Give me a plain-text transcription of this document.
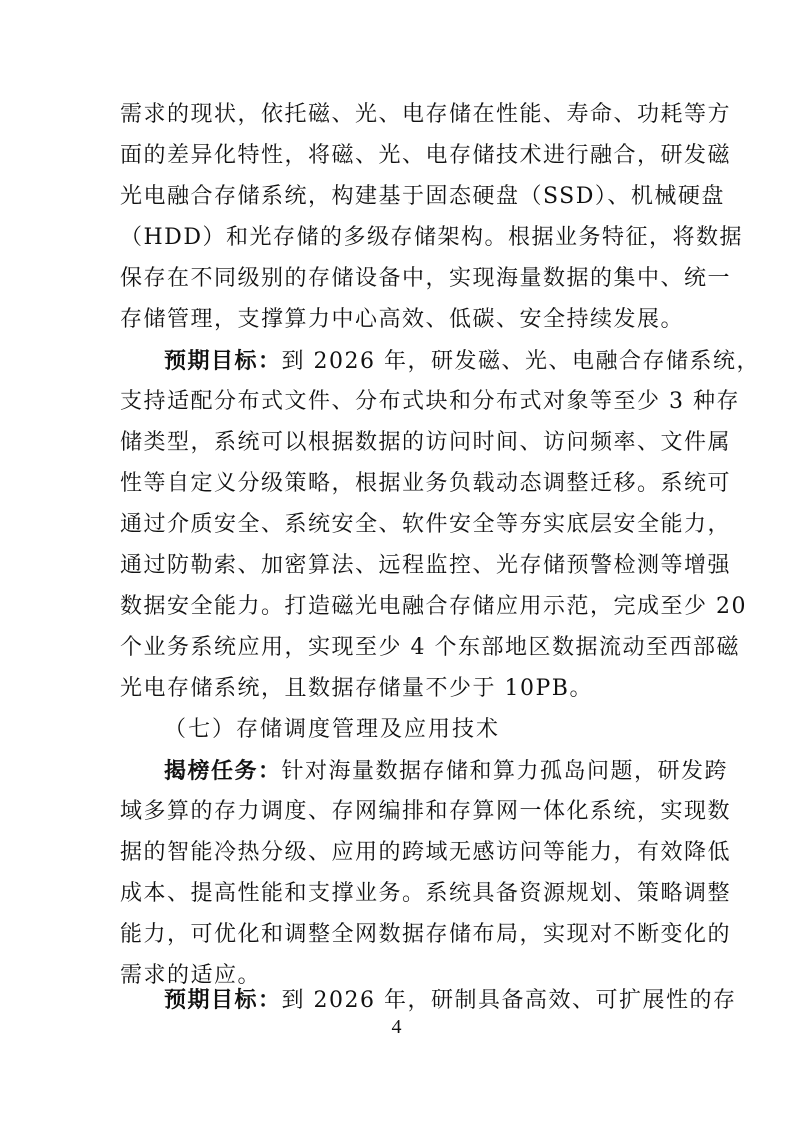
需求的现状，依托磁、光、电存储在性能、寿命、功耗等方
面的差异化特性，将磁、光、电存储技术进行融合，研发磁
光电融合存储系统，构建基于固态硬盘（SSD）、机械硬盘
（HDD）和光存储的多级存储架构。根据业务特征，将数据
保存在不同级别的存储设备中，实现海量数据的集中、统一
存储管理，支撑算力中心高效、低碳、安全持续发展。
预期目标：到 2026 年，研发磁、光、电融合存储系统，
支持适配分布式文件、分布式块和分布式对象等至少 3 种存
储类型，系统可以根据数据的访问时间、访问频率、文件属
性等自定义分级策略，根据业务负载动态调整迁移。系统可
通过介质安全、系统安全、软件安全等夯实底层安全能力，
通过防勒索、加密算法、远程监控、光存储预警检测等增强
数据安全能力。打造磁光电融合存储应用示范，完成至少 20
个业务系统应用，实现至少 4 个东部地区数据流动至西部磁
光电存储系统，且数据存储量不少于 10PB。
（七）存储调度管理及应用技术
揭榜任务：针对海量数据存储和算力孤岛问题，研发跨
域多算的存力调度、存网编排和存算网一体化系统，实现数
据的智能冷热分级、应用的跨域无感访问等能力，有效降低
成本、提高性能和支撑业务。系统具备资源规划、策略调整
能力，可优化和调整全网数据存储布局，实现对不断变化的
需求的适应。
预期目标：到 2026 年，研制具备高效、可扩展性的存
4
